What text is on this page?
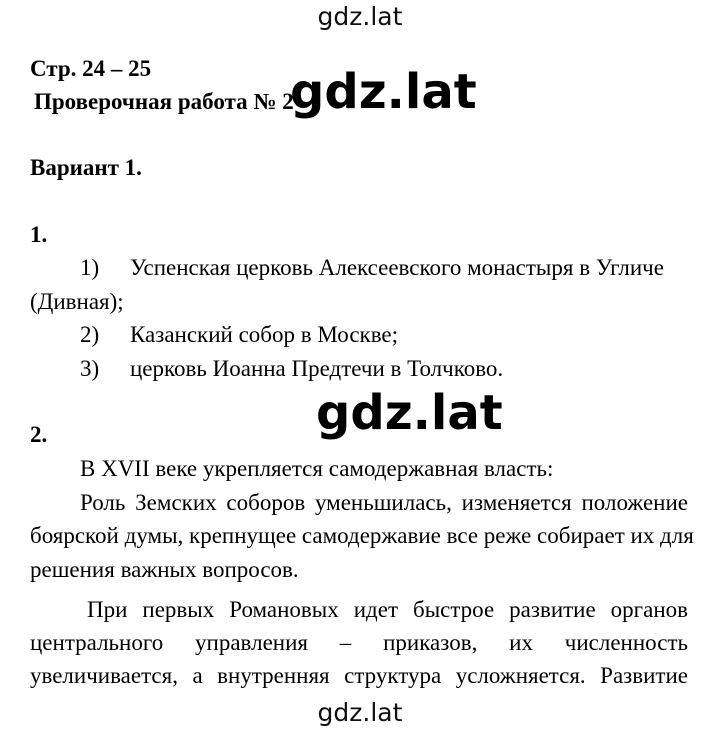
gdz.lat
Стр. 24 – 25
Проверочная работа № 2
gdz.lat
Вариант 1.
1.
1) Успенская церковь Алексеевского монастыря в Угличе
(Дивная);
2) Казанский собор в Москве;
3) церковь Иоанна Предтечи в Толчково.
gdz.lat
2.
В XVII веке укрепляется самодержавная власть:
Роль Земских соборов уменьшилась, изменяется положение
боярской думы, крепнущее самодержавие все реже собирает их для
решения важных вопросов.
При первых Романовых идет быстрое развитие органов
центрального управления – приказов, их численность
увеличивается, а внутренняя структура усложняется. Развитие
gdz.lat
